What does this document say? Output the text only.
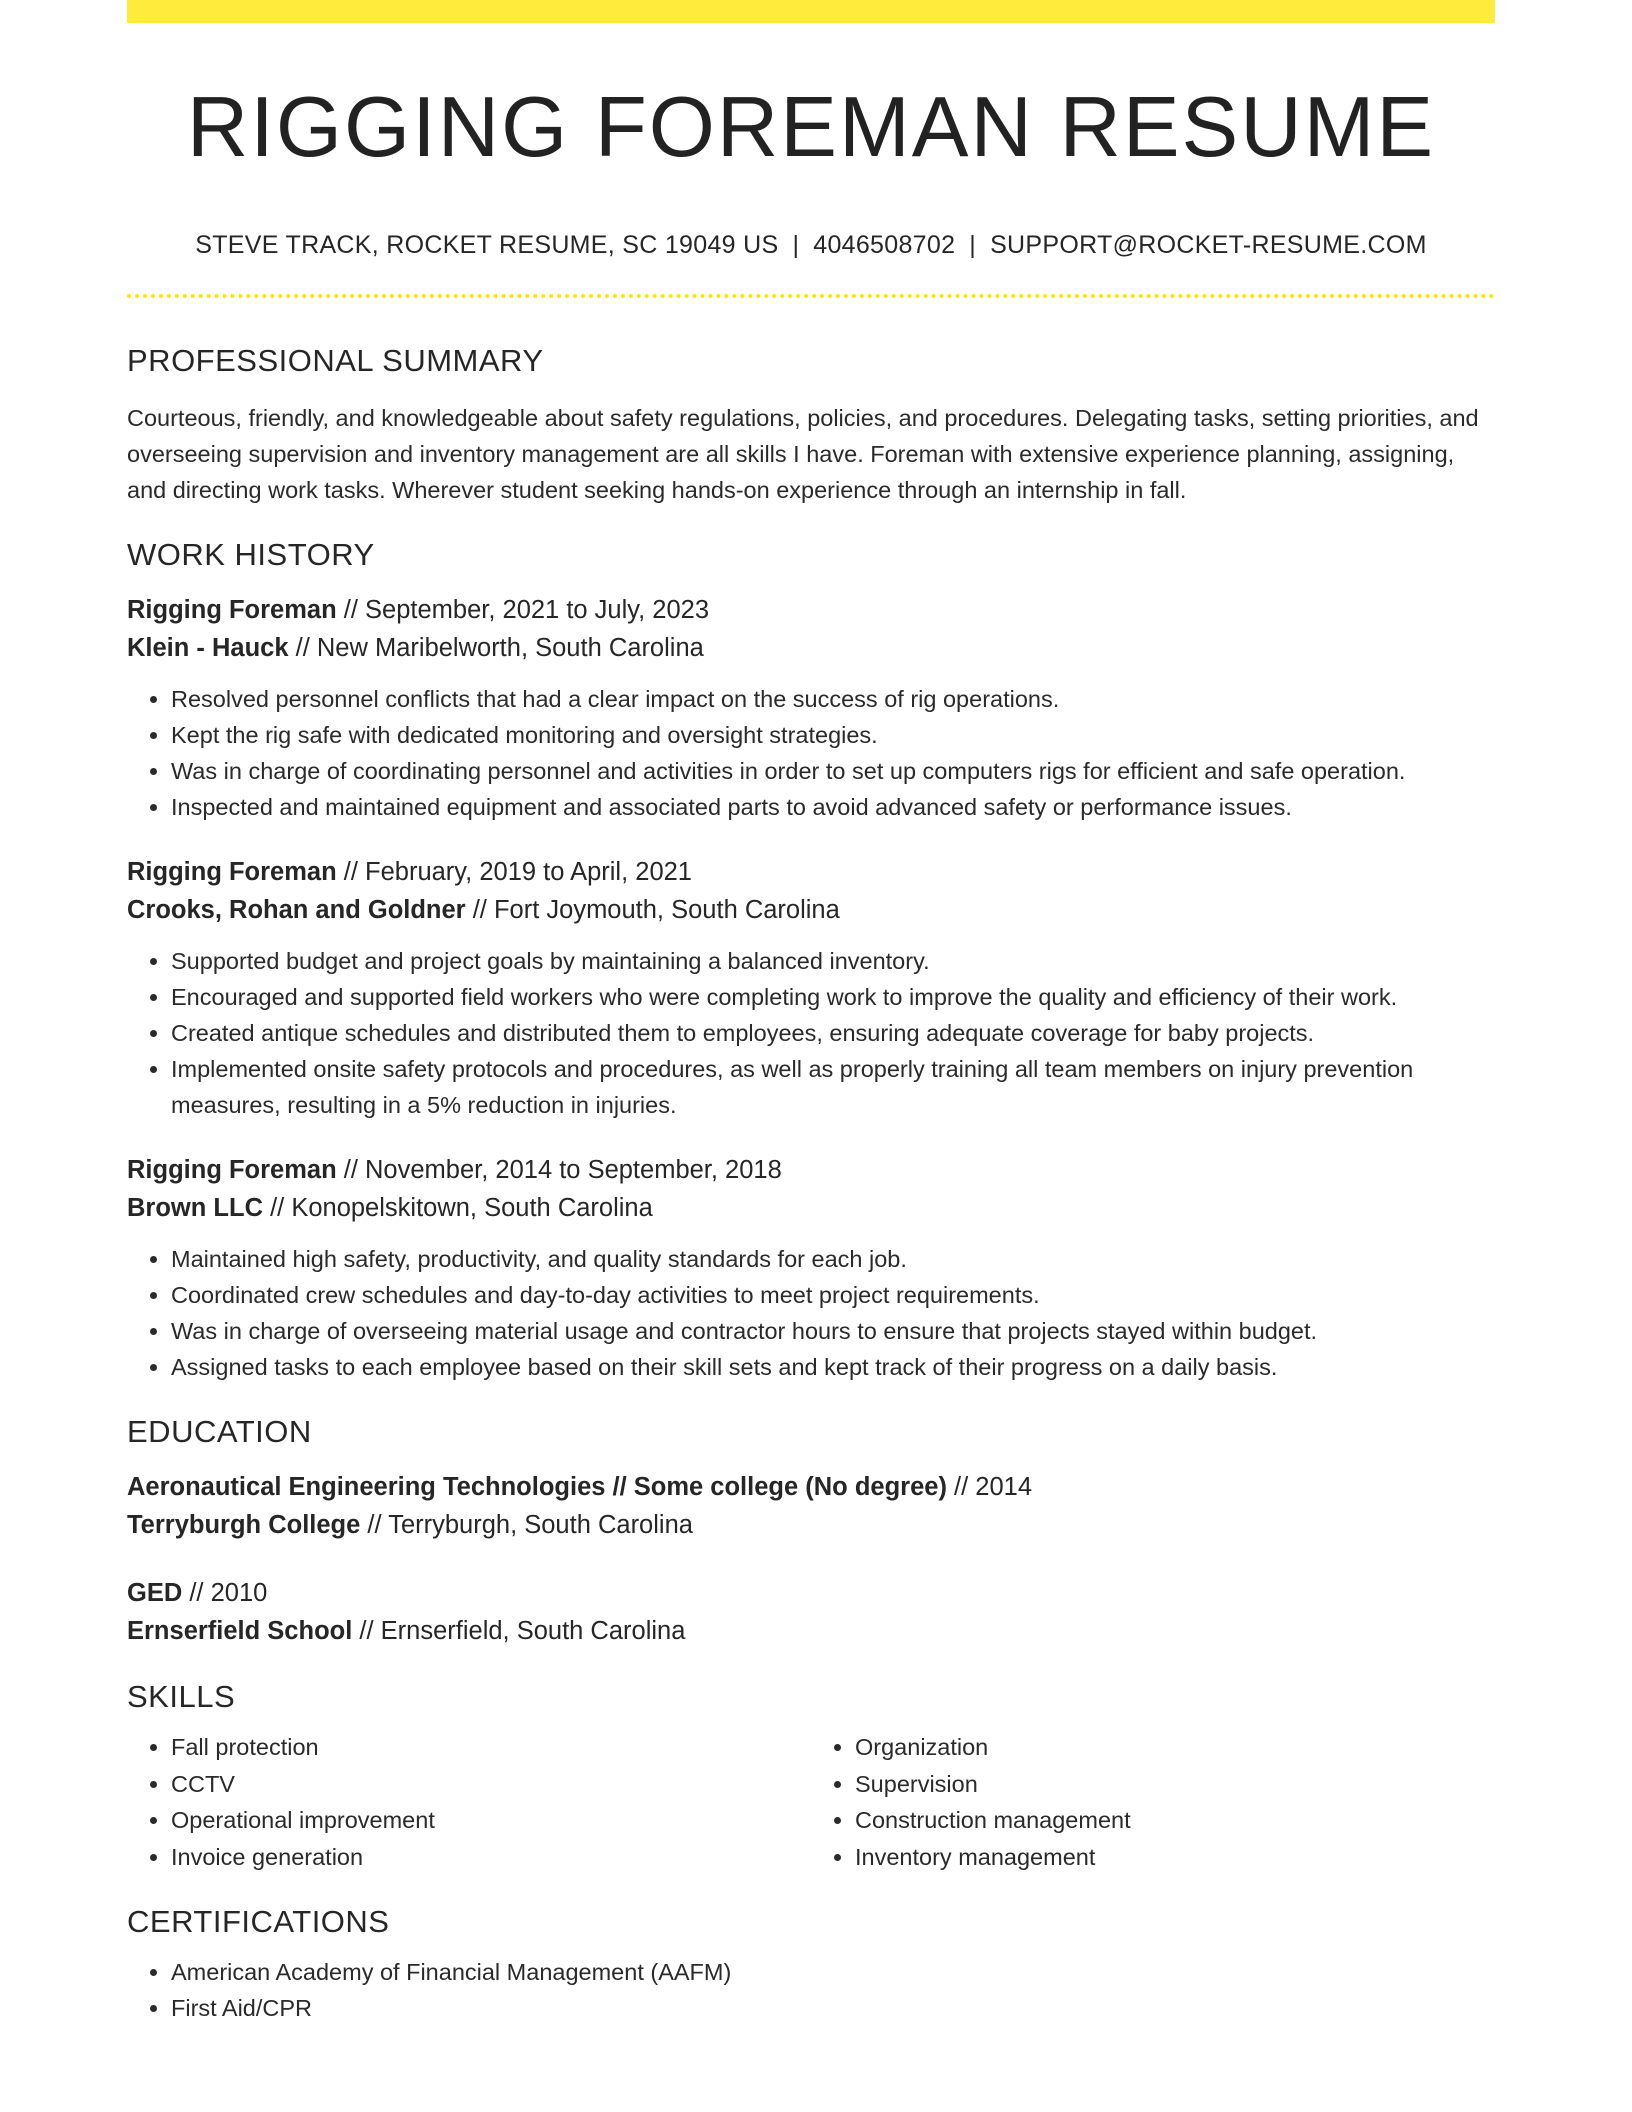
RIGGING FOREMAN RESUME
STEVE TRACK, ROCKET RESUME, SC 19049 US | 4046508702 | SUPPORT@ROCKET-RESUME.COM
PROFESSIONAL SUMMARY

Courteous, friendly, and knowledgeable about safety regulations, policies, and procedures. Delegating tasks, setting priorities, and overseeing supervision and inventory management are all skills I have. Foreman with extensive experience planning, assigning, and directing work tasks. Wherever student seeking hands-on experience through an internship in fall.

WORK HISTORY
Rigging Foreman // September, 2021 to July, 2023
Klein - Hauck // New Maribelworth, South Carolina
• Resolved personnel conflicts that had a clear impact on the success of rig operations.
• Kept the rig safe with dedicated monitoring and oversight strategies.
• Was in charge of coordinating personnel and activities in order to set up computers rigs for efficient and safe operation.
• Inspected and maintained equipment and associated parts to avoid advanced safety or performance issues.
Rigging Foreman // February, 2019 to April, 2021
Crooks, Rohan and Goldner // Fort Joymouth, South Carolina
• Supported budget and project goals by maintaining a balanced inventory.
• Encouraged and supported field workers who were completing work to improve the quality and efficiency of their work.
• Created antique schedules and distributed them to employees, ensuring adequate coverage for baby projects.
• Implemented onsite safety protocols and procedures, as well as properly training all team members on injury prevention measures, resulting in a 5% reduction in injuries.
Rigging Foreman // November, 2014 to September, 2018
Brown LLC // Konopelskitown, South Carolina
• Maintained high safety, productivity, and quality standards for each job.
• Coordinated crew schedules and day-to-day activities to meet project requirements.
• Was in charge of overseeing material usage and contractor hours to ensure that projects stayed within budget.
• Assigned tasks to each employee based on their skill sets and kept track of their progress on a daily basis.
EDUCATION
Aeronautical Engineering Technologies // Some college (No degree) // 2014
Terryburgh College // Terryburgh, South Carolina
GED // 2010
Ernserfield School // Ernserfield, South Carolina
SKILLS
• Fall protection
• CCTV
• Operational improvement
• Invoice generation
• Organization
• Supervision
• Construction management
• Inventory management
CERTIFICATIONS
• American Academy of Financial Management (AAFM)
• First Aid/CPR
